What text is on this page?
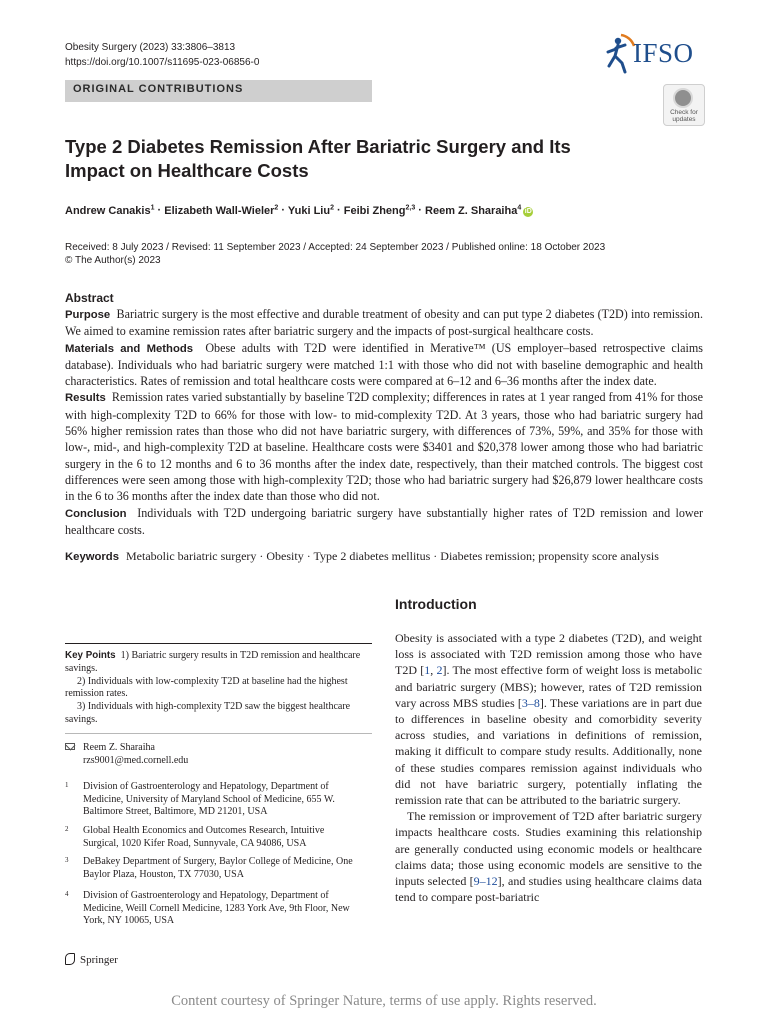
Obesity Surgery (2023) 33:3806–3813
https://doi.org/10.1007/s11695-023-06856-0	IFSO
ORIGINAL CONTRIBUTIONS
Check for updates
Type 2 Diabetes Remission After Bariatric Surgery and Its Impact on Healthcare Costs
Andrew Canakis$^1$ · Elizabeth Wall-Wieler$^2$ · Yuki Liu$^2$ · Feibi Zheng$^{2,3}$ · Reem Z. Sharaiha$^4$iD
Received: 8 July 2023 / Revised: 11 September 2023 / Accepted: 24 September 2023 / Published online: 18 October 2023
© The Author(s) 2023
Abstract

Purpose Bariatric surgery is the most effective and durable treatment of obesity and can put type 2 diabetes (T2D) into remission. We aimed to examine remission rates after bariatric surgery and the impacts of post-surgical healthcare costs.

Materials and Methods Obese adults with T2D were identified in Merative™ (US employer–based retrospective claims database). Individuals who had bariatric surgery were matched 1:1 with those who did not with baseline demographic and health characteristics. Rates of remission and total healthcare costs were compared at 6–12 and 6–36 months after the index date.

Results Remission rates varied substantially by baseline T2D complexity; differences in rates at 1 year ranged from 41% for those with high-complexity T2D to 66% for those with low- to mid-complexity T2D. At 3 years, those who had bariatric surgery had 56% higher remission rates than those who did not have bariatric surgery, with differences of 73%, 59%, and 35% for those with low-, mid-, and high-complexity T2D at baseline. Healthcare costs were $3401 and $20,378 lower among those who had bariatric surgery in the 6 to 12 months and 6 to 36 months after the index date, respectively, than their matched controls. The biggest cost differences were seen among those with high-complexity T2D; those who had bariatric surgery had $26,879 lower healthcare costs in the 6 to 36 months after the index date than those who did not.

Conclusion Individuals with T2D undergoing bariatric surgery have substantially higher rates of T2D remission and lower healthcare costs.

Keywords Metabolic bariatric surgery · Obesity · Type 2 diabetes mellitus · Diabetes remission; propensity score analysis
Introduction

Obesity is associated with a type 2 diabetes (T2D), and weight loss is associated with T2D remission among those who have T2D [1, 2]. The most effective form of weight loss is metabolic and bariatric surgery (MBS); however, rates of T2D remission vary across MBS studies [3–8]. These variations are in part due to differences in baseline obesity and comorbidity severity across studies, and variations in definitions of remission, making it difficult to compare study results. Additionally, none of these studies compares remission against individuals who did not have bariatric surgery, potentially inflating the remission rate that can be attributed to the bariatric surgery.

The remission or improvement of T2D after bariatric surgery impacts healthcare costs. Studies examining this relationship are generally conducted using economic models or healthcare claims data; those using economic models are sensitive to the inputs selected [9–12], and studies using healthcare claims data tend to compare post-bariatric

Key Points 1) Bariatric surgery results in T2D remission and healthcare savings.
2) Individuals with low-complexity T2D at baseline had the highest remission rates.
3) Individuals with high-complexity T2D saw the biggest healthcare savings.
Reem Z. Sharaiha
rzs9001@med.cornell.edu
1 Division of Gastroenterology and Hepatology, Department of Medicine, University of Maryland School of Medicine, 655 W. Baltimore Street, Baltimore, MD 21201, USA
2 Global Health Economics and Outcomes Research, Intuitive Surgical, 1020 Kifer Road, Sunnyvale, CA 94086, USA
3 DeBakey Department of Surgery, Baylor College of Medicine, One Baylor Plaza, Houston, TX 77030, USA
4 Division of Gastroenterology and Hepatology, Department of Medicine, Weill Cornell Medicine, 1283 York Ave, 9th Floor, New York, NY 10065, USA
Springer
Content courtesy of Springer Nature, terms of use apply. Rights reserved.
